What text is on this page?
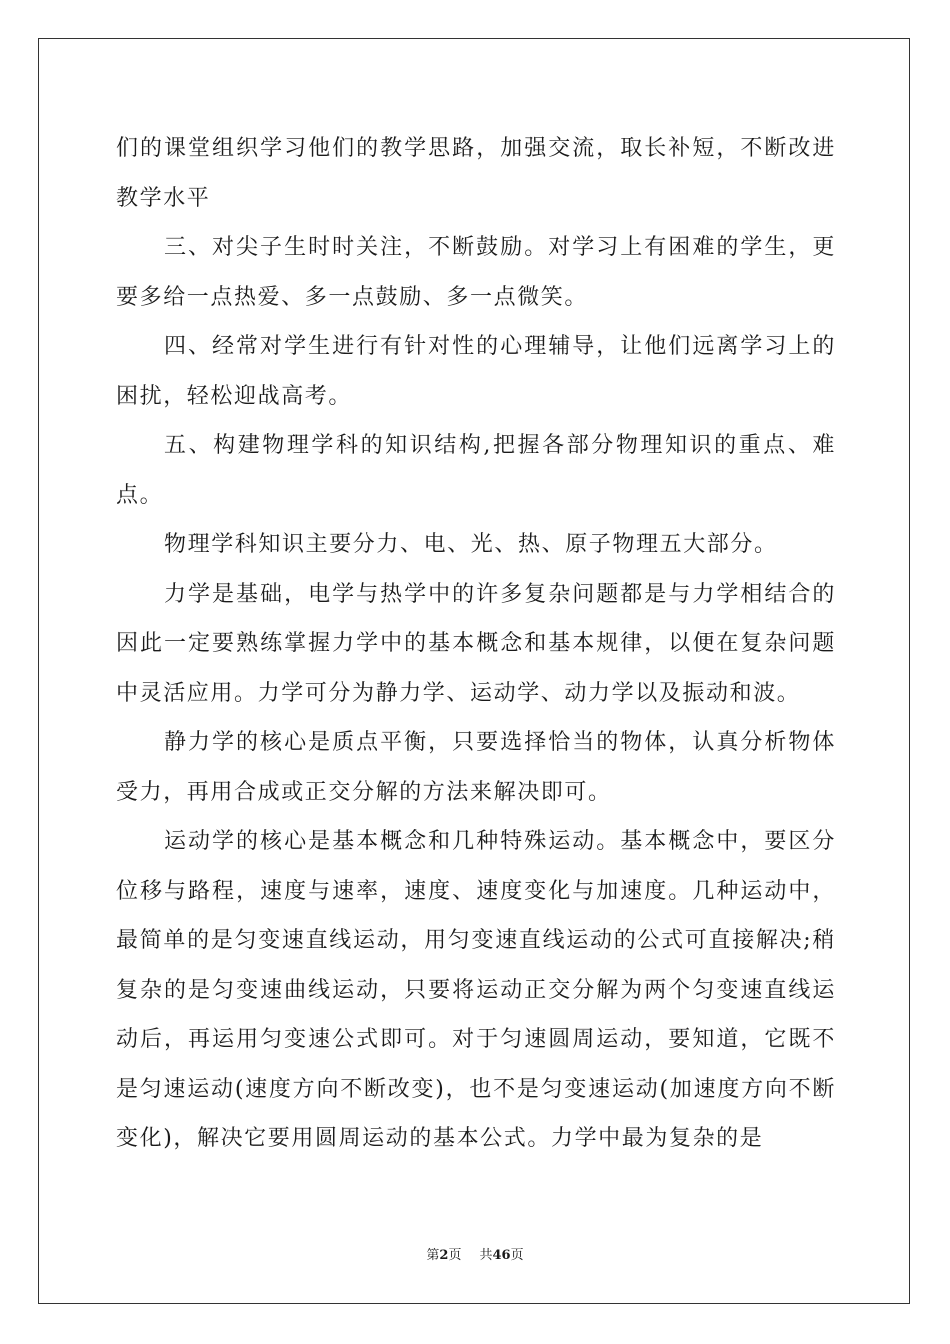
们的课堂组织学习他们的教学思路，加强交流，取长补短，不断改进教学水平

三、对尖子生时时关注，不断鼓励。对学习上有困难的学生，更要多给一点热爱、多一点鼓励、多一点微笑。

四、经常对学生进行有针对性的心理辅导，让他们远离学习上的困扰，轻松迎战高考。

五、构建物理学科的知识结构,把握各部分物理知识的重点、难点。

物理学科知识主要分力、电、光、热、原子物理五大部分。

力学是基础，电学与热学中的许多复杂问题都是与力学相结合的因此一定要熟练掌握力学中的基本概念和基本规律，以便在复杂问题中灵活应用。力学可分为静力学、运动学、动力学以及振动和波。

静力学的核心是质点平衡，只要选择恰当的物体，认真分析物体受力，再用合成或正交分解的方法来解决即可。

运动学的核心是基本概念和几种特殊运动。基本概念中，要区分位移与路程，速度与速率，速度、速度变化与加速度。几种运动中，最简单的是匀变速直线运动，用匀变速直线运动的公式可直接解决;稍复杂的是匀变速曲线运动，只要将运动正交分解为两个匀变速直线运动后，再运用匀变速公式即可。对于匀速圆周运动，要知道，它既不是匀速运动(速度方向不断改变)，也不是匀变速运动(加速度方向不断变化)，解决它要用圆周运动的基本公式。力学中最为复杂的是

第2页 共46页
